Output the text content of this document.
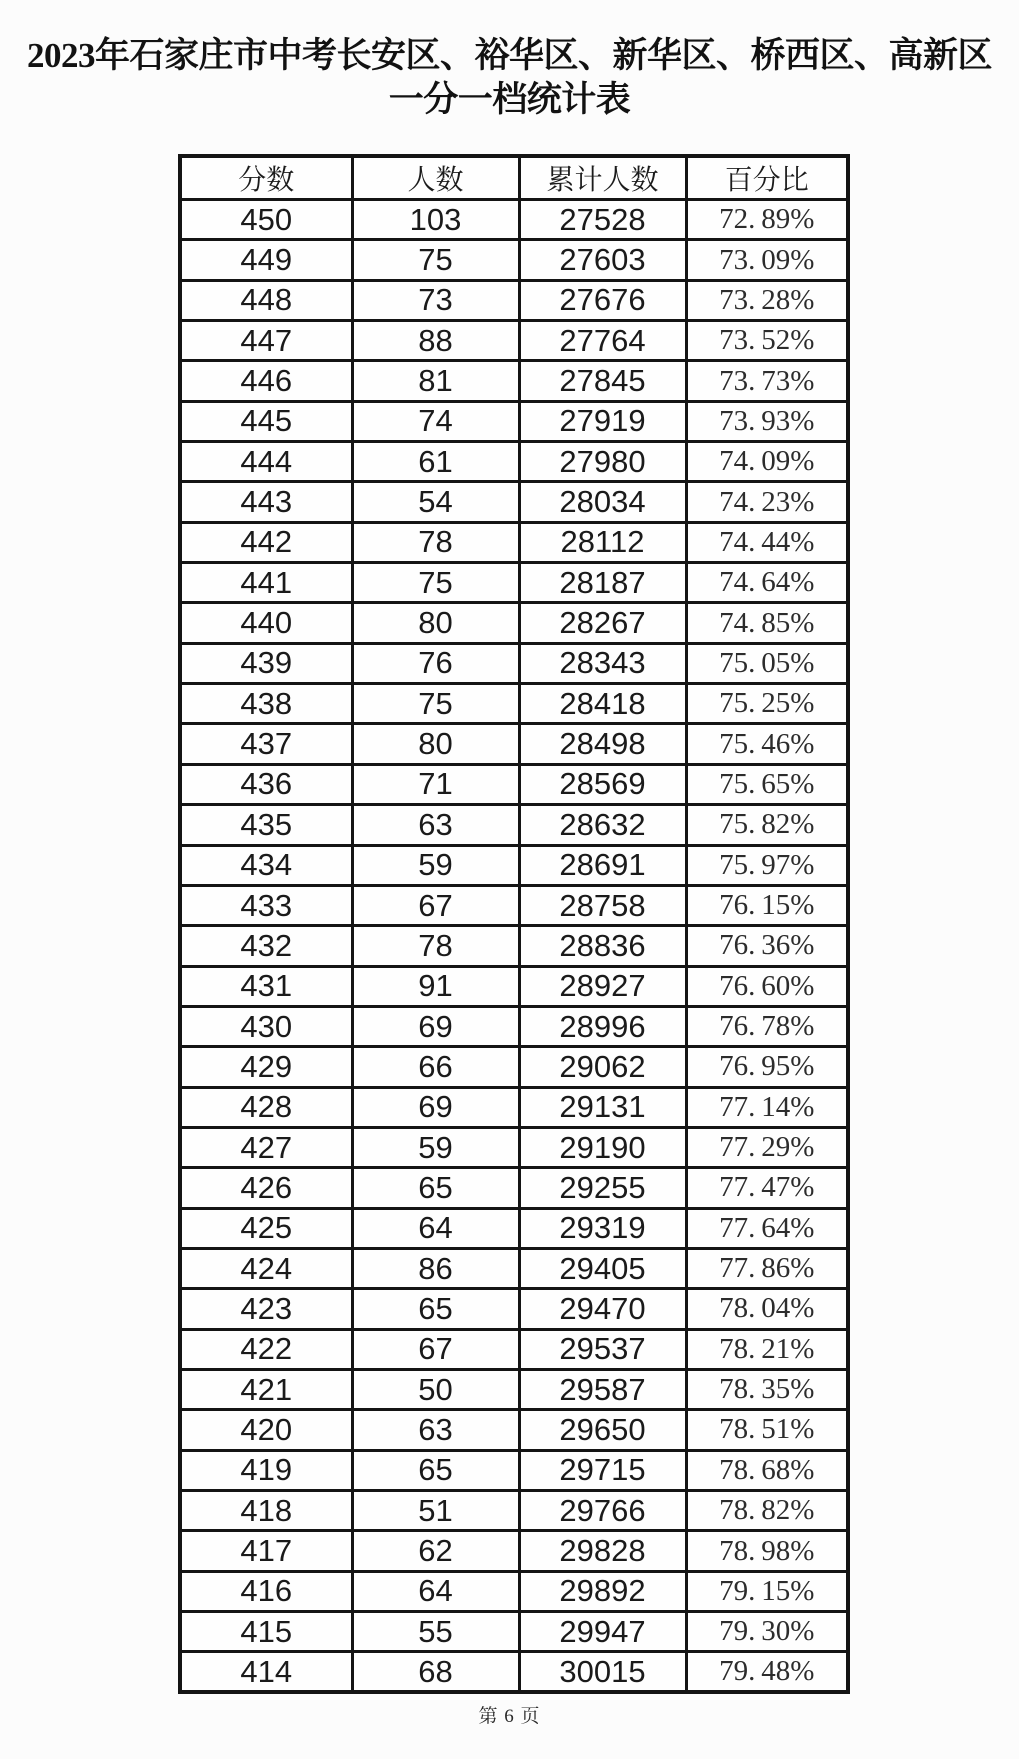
2023年石家庄市中考长安区、裕华区、新华区、桥西区、高新区
一分一档统计表
分数	人数	累计人数	百分比
450	103	27528	72. 89%
449	75	27603	73. 09%
448	73	27676	73. 28%
447	88	27764	73. 52%
446	81	27845	73. 73%
445	74	27919	73. 93%
444	61	27980	74. 09%
443	54	28034	74. 23%
442	78	28112	74. 44%
441	75	28187	74. 64%
440	80	28267	74. 85%
439	76	28343	75. 05%
438	75	28418	75. 25%
437	80	28498	75. 46%
436	71	28569	75. 65%
435	63	28632	75. 82%
434	59	28691	75. 97%
433	67	28758	76. 15%
432	78	28836	76. 36%
431	91	28927	76. 60%
430	69	28996	76. 78%
429	66	29062	76. 95%
428	69	29131	77. 14%
427	59	29190	77. 29%
426	65	29255	77. 47%
425	64	29319	77. 64%
424	86	29405	77. 86%
423	65	29470	78. 04%
422	67	29537	78. 21%
421	50	29587	78. 35%
420	63	29650	78. 51%
419	65	29715	78. 68%
418	51	29766	78. 82%
417	62	29828	78. 98%
416	64	29892	79. 15%
415	55	29947	79. 30%
414	68	30015	79. 48%
第 6 页
